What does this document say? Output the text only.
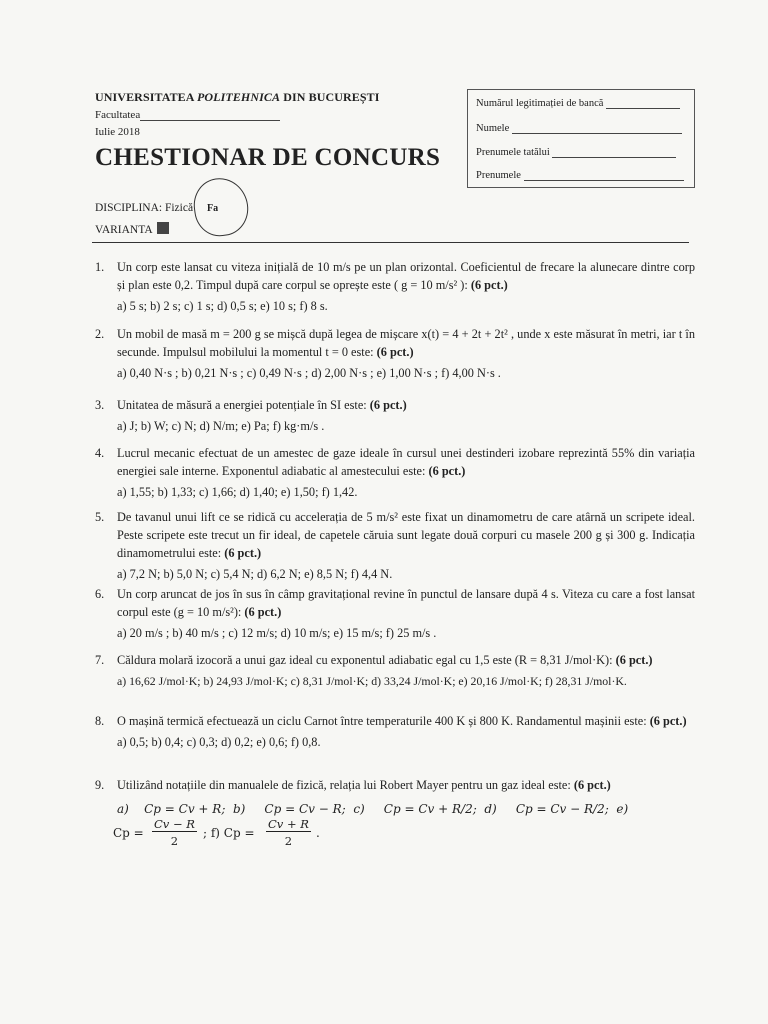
UNIVERSITATEA POLITEHNICA DIN BUCUREȘTI
Facultatea
Iulie 2018
CHESTIONAR DE CONCURS
Numărul legitimației de bancă
Numele
Prenumele tatălui
Prenumele
DISCIPLINA: Fizică Fa
VARIANTA
1. Un corp este lansat cu viteza inițială de 10 m/s pe un plan orizontal. Coeficientul de frecare la alunecare dintre corp și plan este 0,2. Timpul după care corpul se oprește este ( g = 10 m/s² ): (6 pct.)
a) 5 s; b) 2 s; c) 1 s; d) 0,5 s; e) 10 s; f) 8 s.
2. Un mobil de masă m = 200 g se mișcă după legea de mișcare x(t) = 4 + 2t + 2t² , unde x este măsurat în metri, iar t în secunde. Impulsul mobilului la momentul t = 0 este: (6 pct.)
a) 0,40 N·s ; b) 0,21 N·s ; c) 0,49 N·s ; d) 2,00 N·s ; e) 1,00 N·s ; f) 4,00 N·s .
3. Unitatea de măsură a energiei potențiale în SI este: (6 pct.)
a) J; b) W; c) N; d) N/m; e) Pa; f) kg·m/s .
4. Lucrul mecanic efectuat de un amestec de gaze ideale în cursul unei destinderi izobare reprezintă 55% din variația energiei sale interne. Exponentul adiabatic al amestecului este: (6 pct.)
a) 1,55; b) 1,33; c) 1,66; d) 1,40; e) 1,50; f) 1,42.
5. De tavanul unui lift ce se ridică cu accelerația de 5 m/s² este fixat un dinamometru de care atârnă un scripete ideal. Peste scripete este trecut un fir ideal, de capetele căruia sunt legate două corpuri cu masele 200 g și 300 g. Indicația dinamometrului este: (6 pct.)
a) 7,2 N; b) 5,0 N; c) 5,4 N; d) 6,2 N; e) 8,5 N; f) 4,4 N.
6. Un corp aruncat de jos în sus în câmp gravitațional revine în punctul de lansare după 4 s. Viteza cu care a fost lansat corpul este (g = 10 m/s²): (6 pct.)
a) 20 m/s ; b) 40 m/s ; c) 12 m/s; d) 10 m/s; e) 15 m/s; f) 25 m/s .
7. Căldura molară izocoră a unui gaz ideal cu exponentul adiabatic egal cu 1,5 este (R = 8,31 J/mol·K): (6 pct.)
a) 16,62 J/mol·K; b) 24,93 J/mol·K; c) 8,31 J/mol·K; d) 33,24 J/mol·K; e) 20,16 J/mol·K; f) 28,31 J/mol·K.
8. O mașină termică efectuează un ciclu Carnot între temperaturile 400 K și 800 K. Randamentul mașinii este: (6 pct.)
a) 0,5; b) 0,4; c) 0,3; d) 0,2; e) 0,6; f) 0,8.
9. Utilizând notațiile din manualele de fizică, relația lui Robert Mayer pentru un gaz ideal este: (6 pct.)
a)    Cp = Cv + R;  b)     Cp = Cv − R;  c)     Cp = Cv + R/2;  d)     Cp = Cv − R/2;  e)
$Cp = \frac{Cv - R}{2}$ ; f) $Cp = \frac{Cv + R}{2}$ .
